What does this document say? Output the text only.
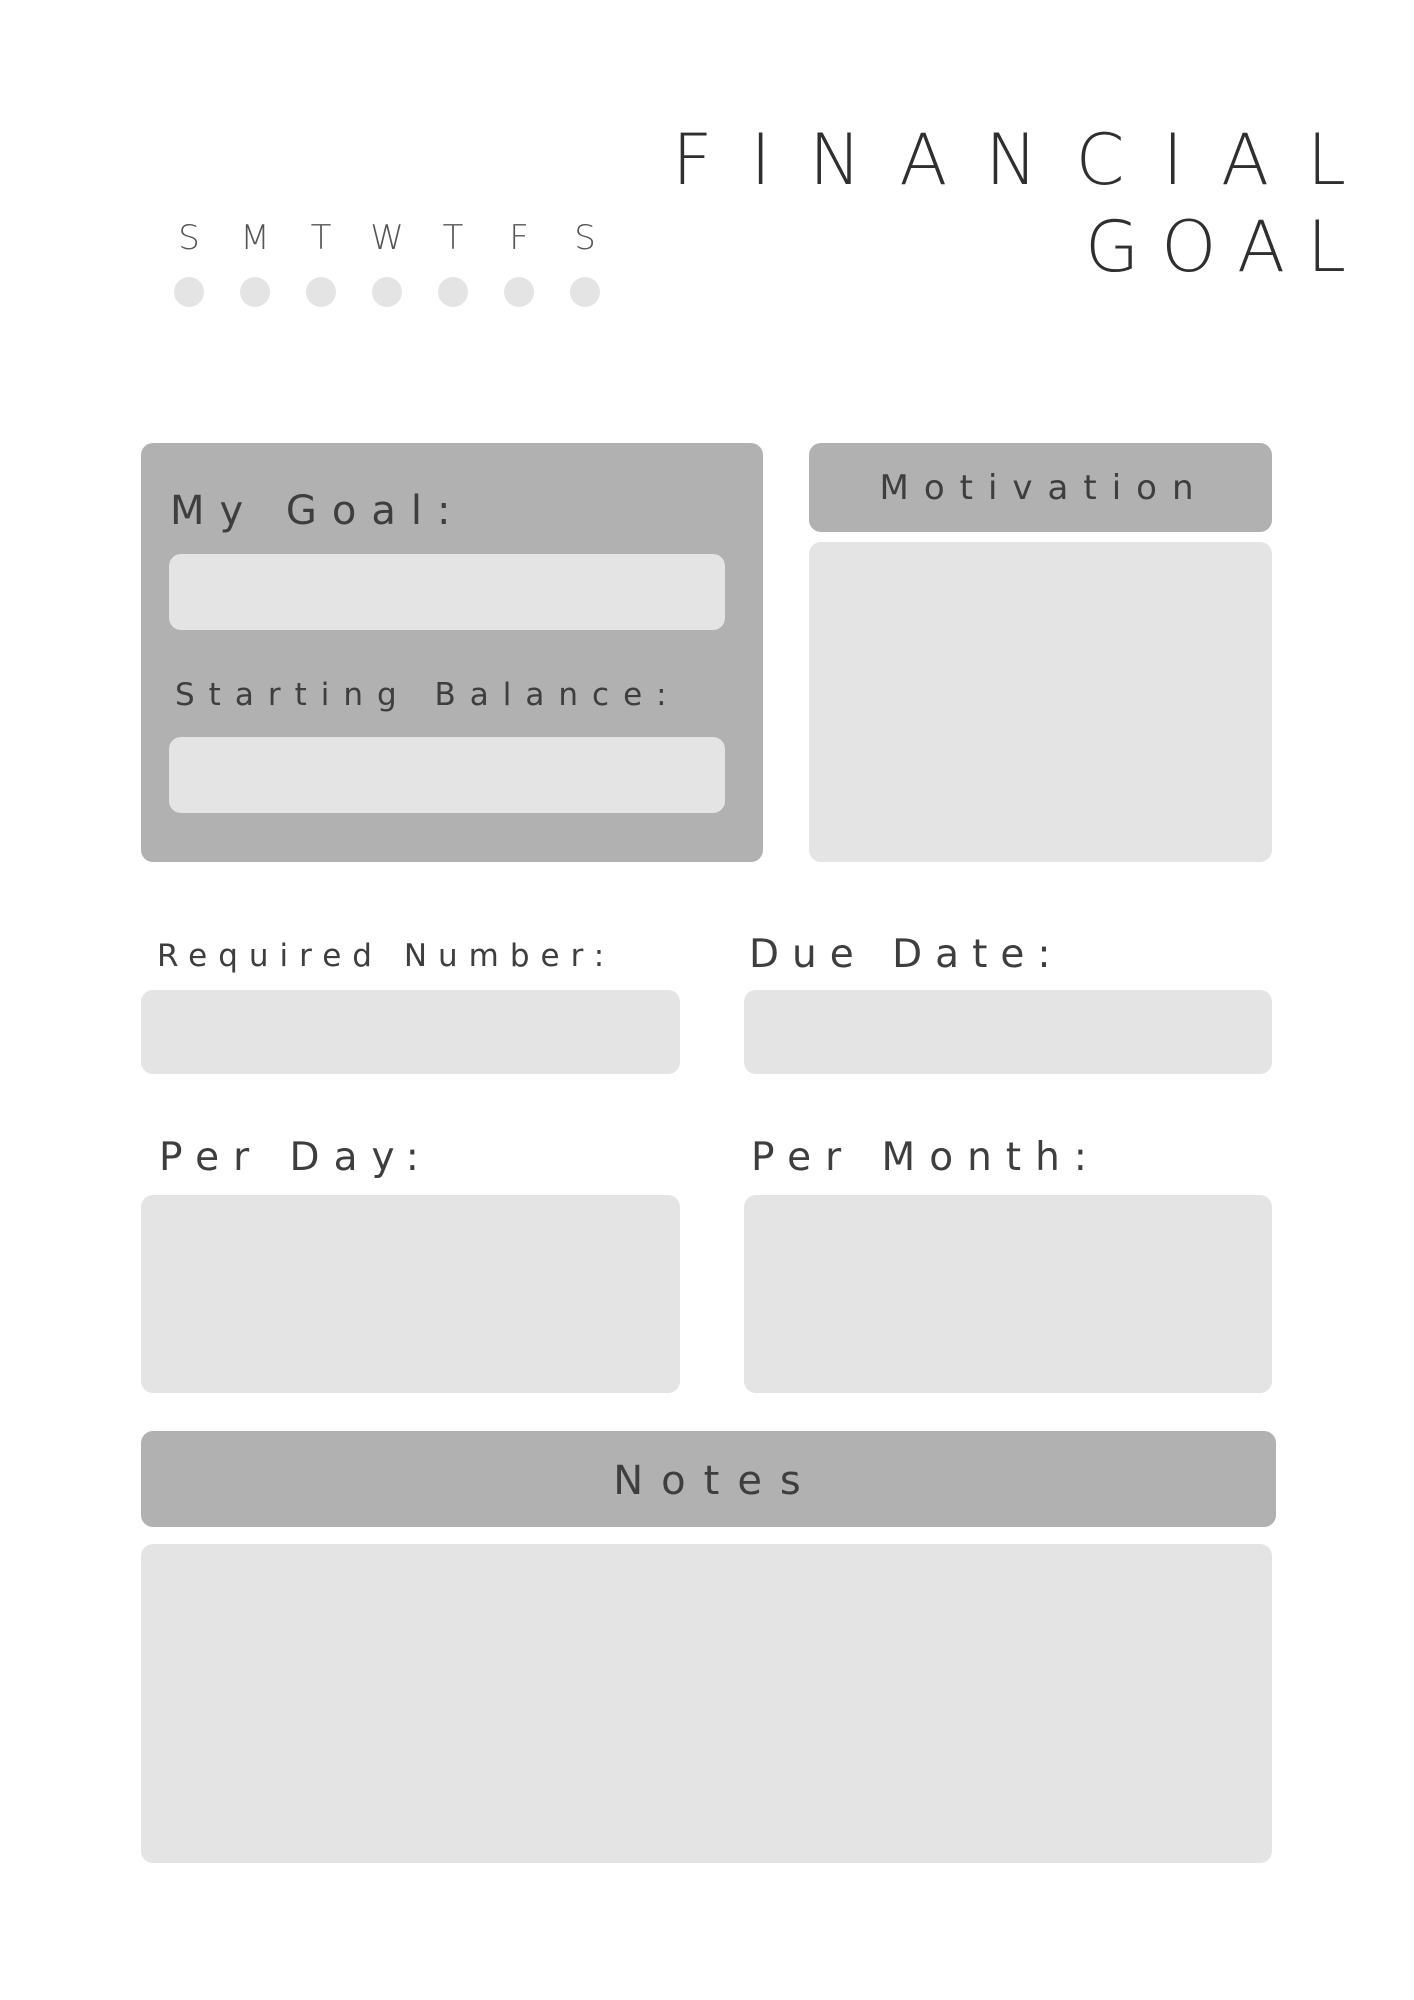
FINANCIAL
GOAL
S M T W T	F	S
My Goal:
Starting Balance:
Motivation
Required Number:	Due Date:
Per Day:	Per Month:
Notes
